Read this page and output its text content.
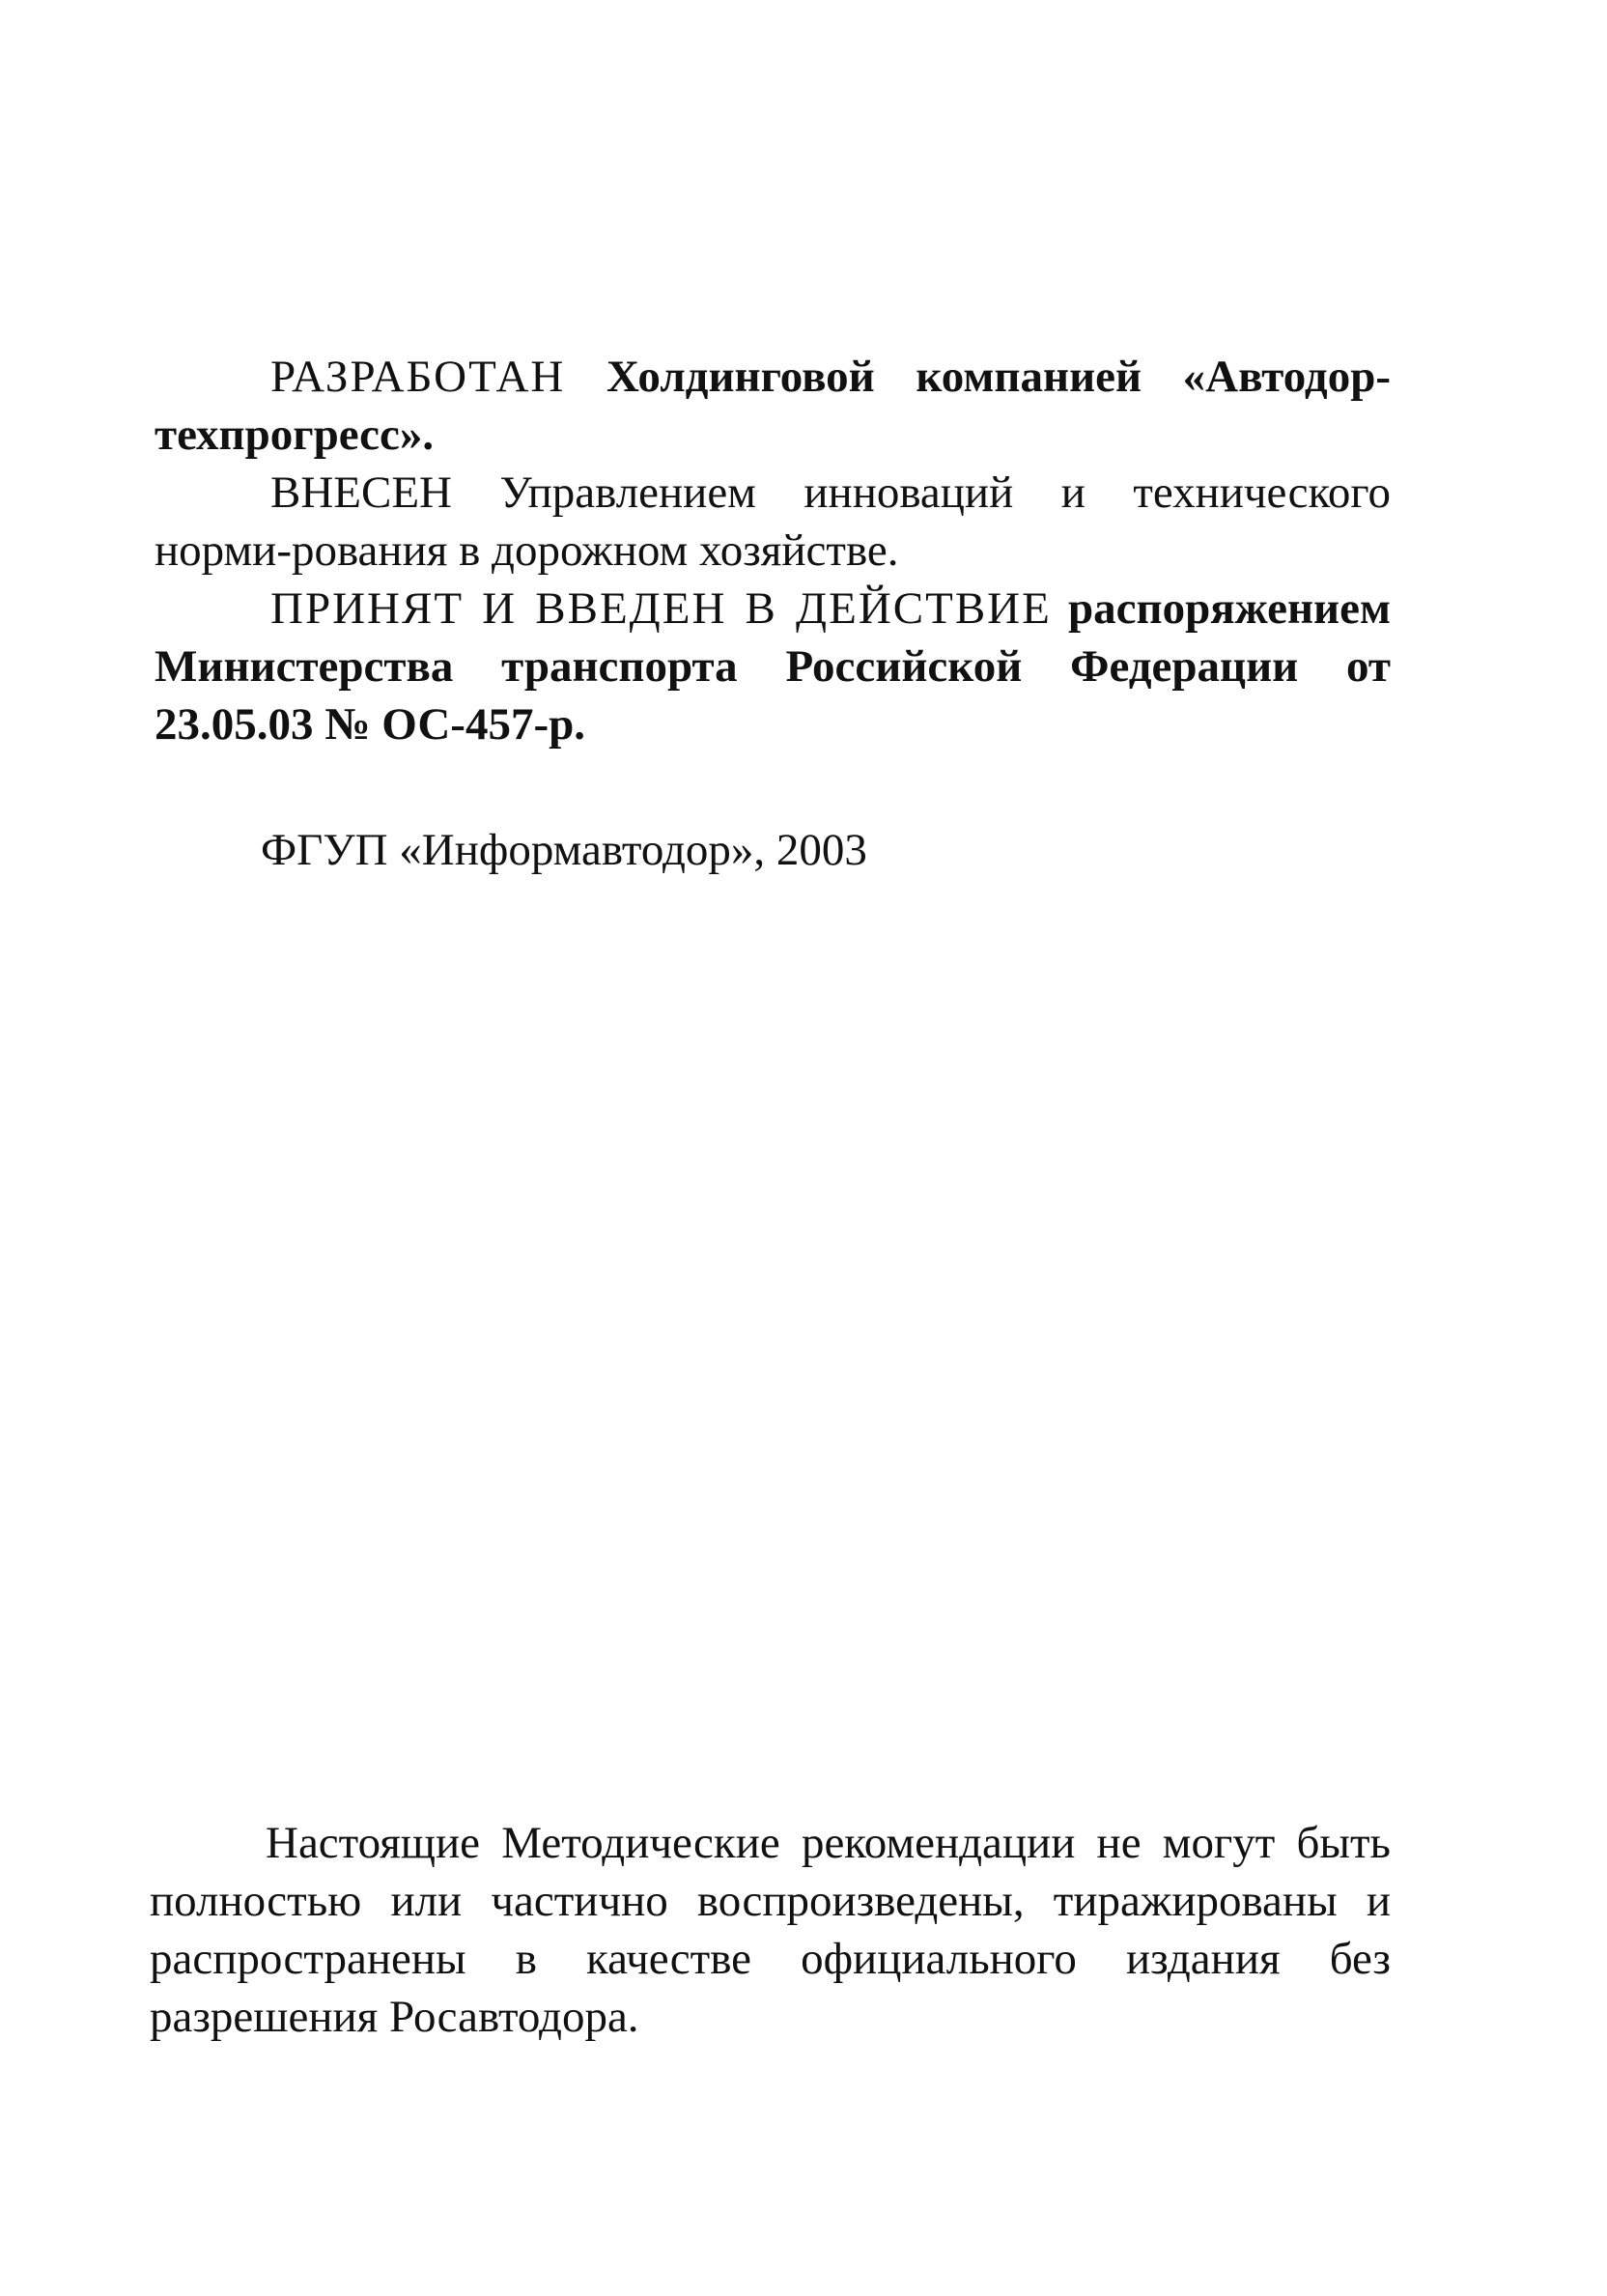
РАЗРАБОТАН Холдинговой компанией «Автодор-техпрогресс».

ВНЕСЕН Управлением инноваций и технического норми-рования в дорожном хозяйстве.

ПРИНЯТ И ВВЕДЕН В ДЕЙСТВИЕ распоряжением Министерства транспорта Российской Федерации от 23.05.03 № ОС-457-р.

ФГУП «Информавтодор», 2003

Настоящие Методические рекомендации не могут быть полностью или частично воспроизведены, тиражированы и распространены в качестве официального издания без разрешения Росавтодора.
